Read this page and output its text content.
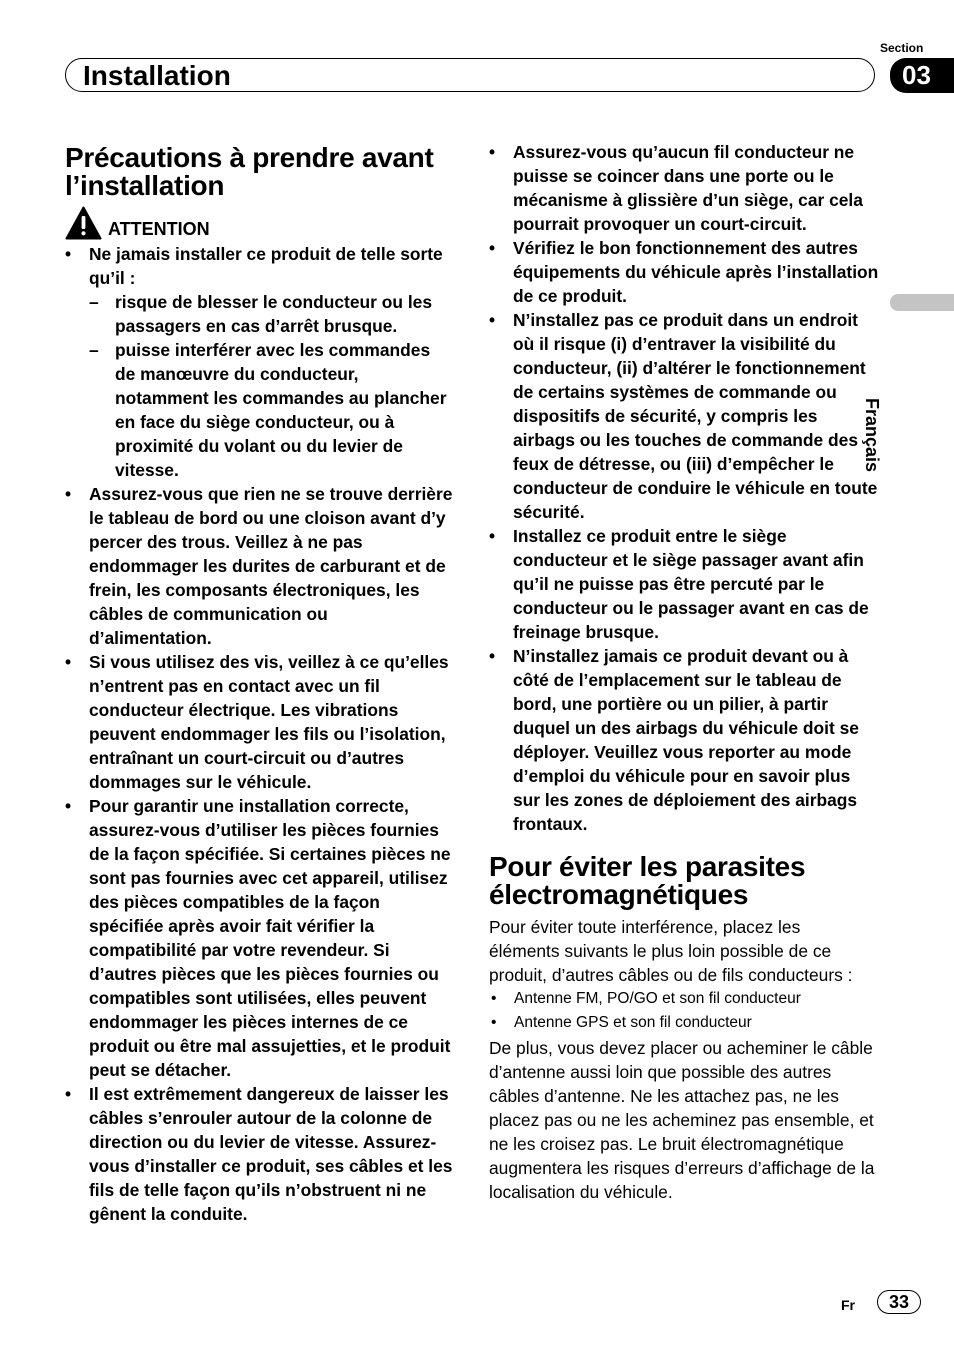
Section
Installation	03
Français
Précautions à prendre avant l’installation
ATTENTION
• Ne jamais installer ce produit de telle sorte qu’il :
– risque de blesser le conducteur ou les passagers en cas d’arrêt brusque.
– puisse interférer avec les commandes de manœuvre du conducteur, notamment les commandes au plancher en face du siège conducteur, ou à proximité du volant ou du levier de vitesse.
• Assurez-vous que rien ne se trouve derrière le tableau de bord ou une cloison avant d’y percer des trous. Veillez à ne pas endommager les durites de carburant et de frein, les composants électroniques, les câbles de communication ou d’alimentation.
• Si vous utilisez des vis, veillez à ce qu’elles n’entrent pas en contact avec un fil conducteur électrique. Les vibrations peuvent endommager les fils ou l’isolation, entraînant un court-circuit ou d’autres dommages sur le véhicule.
• Pour garantir une installation correcte, assurez-vous d’utiliser les pièces fournies de la façon spécifiée. Si certaines pièces ne sont pas fournies avec cet appareil, utilisez des pièces compatibles de la façon spécifiée après avoir fait vérifier la compatibilité par votre revendeur. Si d’autres pièces que les pièces fournies ou compatibles sont utilisées, elles peuvent endommager les pièces internes de ce produit ou être mal assujetties, et le produit peut se détacher.
• Il est extrêmement dangereux de laisser les câbles s’enrouler autour de la colonne de direction ou du levier de vitesse. Assurez-vous d’installer ce produit, ses câbles et les fils de telle façon qu’ils n’obstruent ni ne gênent la conduite.
• Assurez-vous qu’aucun fil conducteur ne puisse se coincer dans une porte ou le mécanisme à glissière d’un siège, car cela pourrait provoquer un court-circuit.
• Vérifiez le bon fonctionnement des autres équipements du véhicule après l’installation de ce produit.
• N’installez pas ce produit dans un endroit où il risque (i) d’entraver la visibilité du conducteur, (ii) d’altérer le fonctionnement de certains systèmes de commande ou dispositifs de sécurité, y compris les airbags ou les touches de commande des feux de détresse, ou (iii) d’empêcher le conducteur de conduire le véhicule en toute sécurité.
• Installez ce produit entre le siège conducteur et le siège passager avant afin qu’il ne puisse pas être percuté par le conducteur ou le passager avant en cas de freinage brusque.
• N’installez jamais ce produit devant ou à côté de l’emplacement sur le tableau de bord, une portière ou un pilier, à partir duquel un des airbags du véhicule doit se déployer. Veuillez vous reporter au mode d’emploi du véhicule pour en savoir plus sur les zones de déploiement des airbags frontaux.
Pour éviter les parasites électromagnétiques
Pour éviter toute interférence, placez les éléments suivants le plus loin possible de ce produit, d’autres câbles ou de fils conducteurs :
• Antenne FM, PO/GO et son fil conducteur
• Antenne GPS et son fil conducteur
De plus, vous devez placer ou acheminer le câble d’antenne aussi loin que possible des autres câbles d’antenne. Ne les attachez pas, ne les placez pas ou ne les acheminez pas ensemble, et ne les croisez pas. Le bruit électromagnétique augmentera les risques d’erreurs d’affichage de la localisation du véhicule.
Fr	33
